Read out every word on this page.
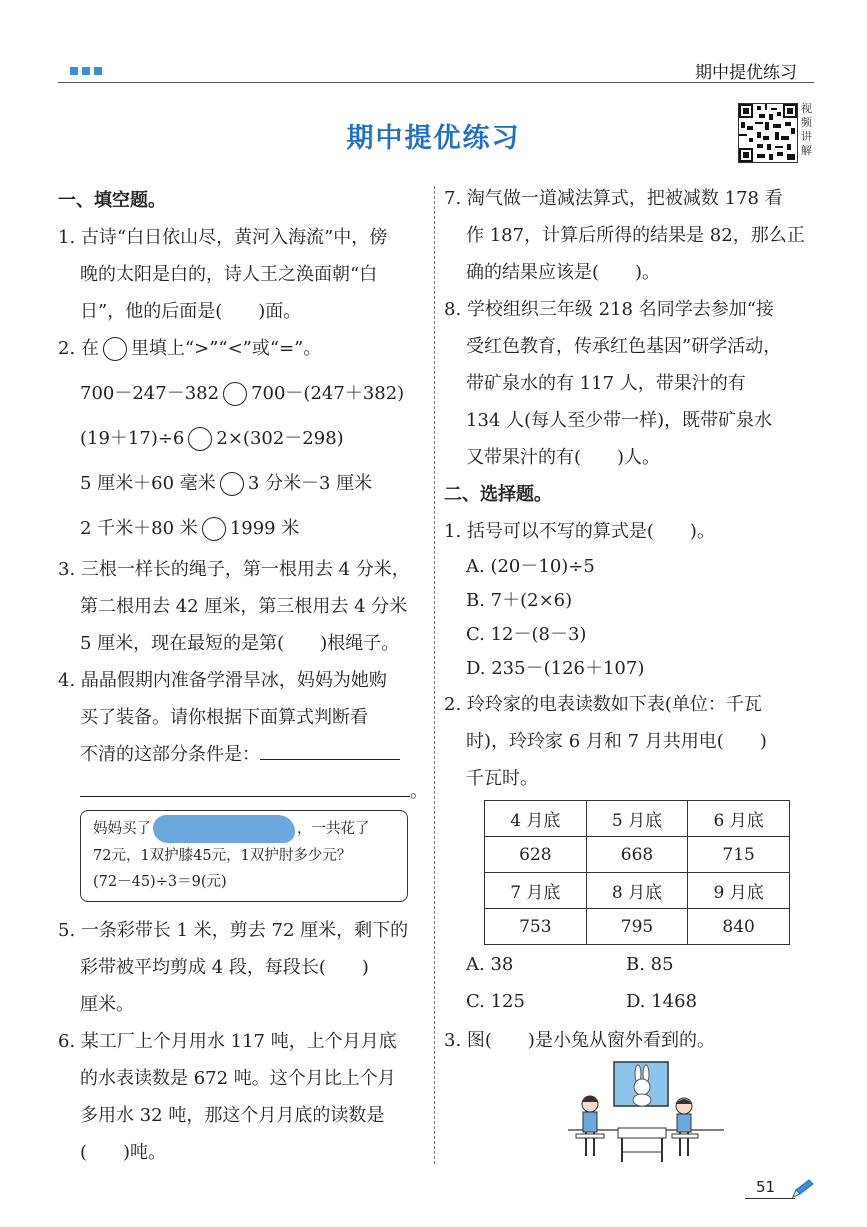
期中提优练习
期中提优练习
视
频
讲
解

一、填空题。

1. 古诗“白日依山尽，黄河入海流”中，傍

晚的太阳是白的，诗人王之涣面朝“白

日”，他的后面是(　　)面。

2. 在 里填上“>”“<”或“=”。

700－247－382 700－(247＋382)

(19＋17)÷6 2×(302－298)

5 厘米＋60 毫米 3 分米－3 厘米

2 千米＋80 米 1999 米

3. 三根一样长的绳子，第一根用去 4 分米，

第二根用去 42 厘米，第三根用去 4 分米

5 厘米，现在最短的是第(　　)根绳子。

4. 晶晶假期内准备学滑旱冰，妈妈为她购

买了装备。请你根据下面算式判断看

不清的这部分条件是：

。

妈妈买了	，一共花了

72元，1双护膝45元，1双护肘多少元？

(72－45)÷3＝9(元)

5. 一条彩带长 1 米，剪去 72 厘米，剩下的

彩带被平均剪成 4 段，每段长(　　)

厘米。

6. 某工厂上个月用水 117 吨，上个月月底

的水表读数是 672 吨。这个月比上个月

多用水 32 吨，那这个月月底的读数是

(　　)吨。

7. 淘气做一道减法算式，把被减数 178 看

作 187，计算后所得的结果是 82，那么正

确的结果应该是(　　)。

8. 学校组织三年级 218 名同学去参加“接

受红色教育，传承红色基因”研学活动，

带矿泉水的有 117 人，带果汁的有

134 人(每人至少带一样)，既带矿泉水

又带果汁的有(　　)人。

二、选择题。

1. 括号可以不写的算式是(　　)。

A. (20－10)÷5

B. 7＋(2×6)

C. 12－(8－3)

D. 235－(126＋107)

2. 玲玲家的电表读数如下表(单位：千瓦

时)，玲玲家 6 月和 7 月共用电(　　)

千瓦时。

4 月底	5 月底	6 月底
628	668	715
7 月底	8 月底	9 月底
753	795	840

A. 38	B. 85

C. 125	D. 1468

3. 图(　　)是小兔从窗外看到的。

51
